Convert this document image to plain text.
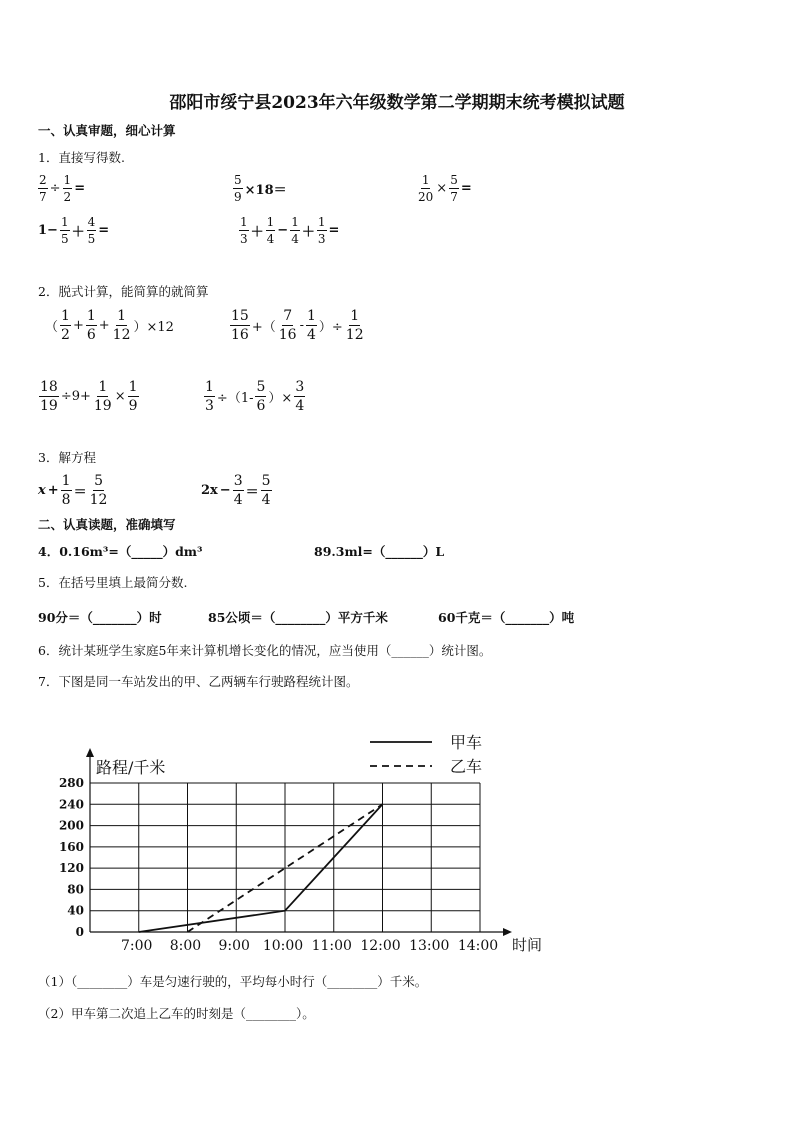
邵阳市绥宁县2023年六年级数学第二学期期末统考模拟试题
一、认真审题，细心计算
1．直接写得数.
$\frac{2}{7} \div \frac{1}{2}$ =	$\frac{5}{9} \times 18=$	$\frac{1}{20} \times \frac{5}{7}$ =
$1- \frac{1}{5} + \frac{4}{5}$ =	$\frac{1}{3} + \frac{1}{4} - \frac{1}{4} + \frac{1}{3}$ =
2．脱式计算，能简算的就简算
（ $\frac{1}{2} + \frac{1}{6} + \frac{1}{12} )\times 12$	$\frac{15}{16}$ +（ $\frac{7}{16} - \frac{1}{4}$ ）÷ $\frac{1}{12}$
$\frac{18}{19} \div 9+ \frac{1}{19} \times \frac{1}{9}$	$\frac{1}{3} \div(1- \frac{5}{6}$ ）× $\frac{3}{4}$
3．解方程
$x + \frac{1}{8} = \frac{5}{12}$	$2x - \frac{3}{4} = \frac{5}{4}$
二、认真读题，准确填写
4．0.16m³=（_____）dm³	89.3ml=（______）L
5．在括号里填上最简分数.
90分＝（_______）时	85公顷＝（________）平方千米	60千克＝（_______）吨
6．统计某班学生家庭5年来计算机增长变化的情况，应当使用（______）统计图。
7．下图是同一车站发出的甲、乙两辆车行驶路程统计图。
0
40
80
120
160
200
240
280
7:00 8:00 9:00 10:00 11:00 12:00 13:00 14:00
甲车
乙车
路程/千米
时间
（1）（________）车是匀速行驶的，平均每小时行（________）千米。
（2）甲车第二次追上乙车的时刻是（________）。
